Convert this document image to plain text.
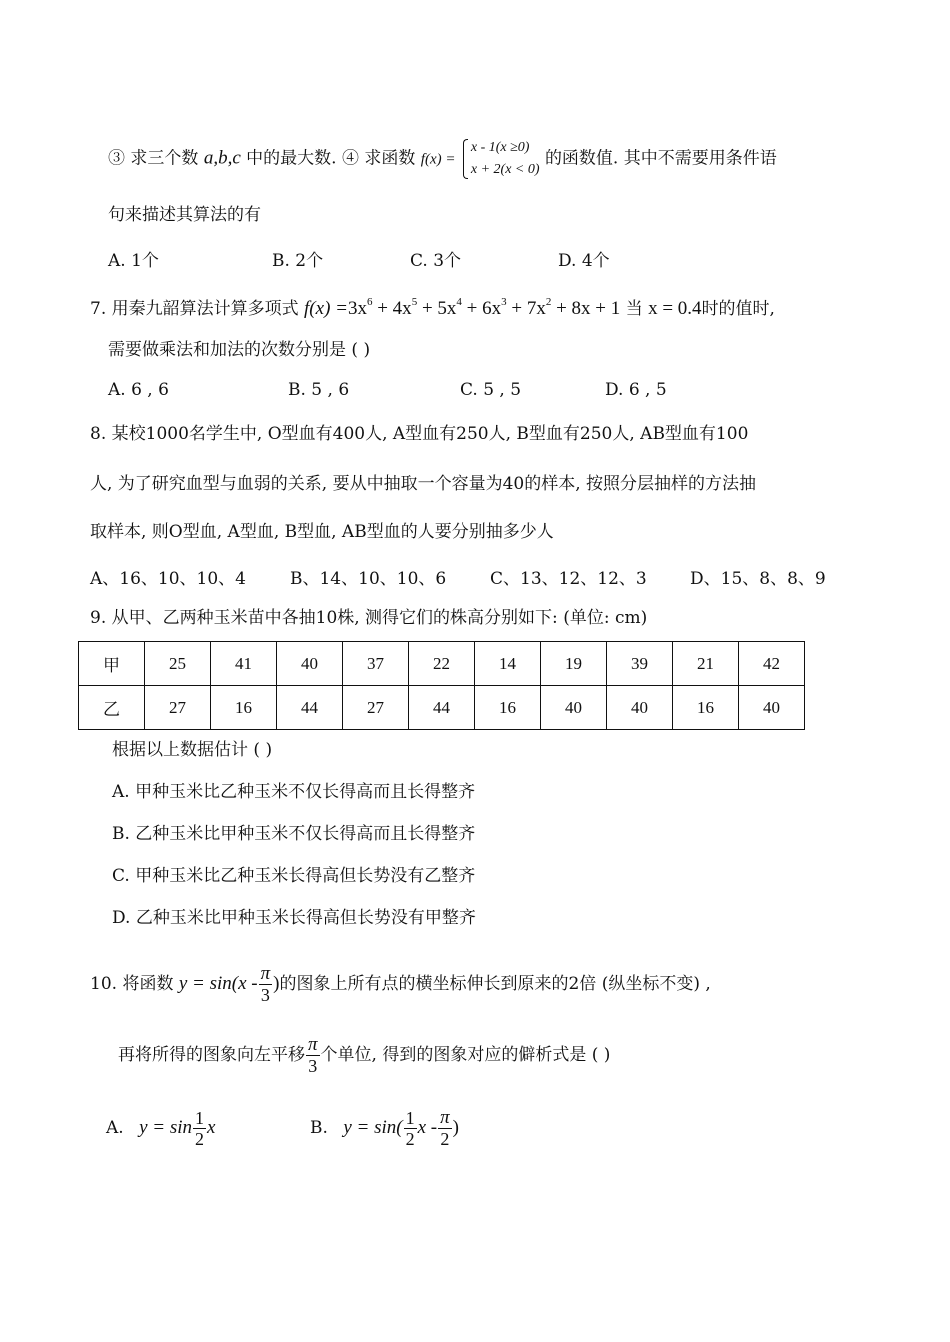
③ 求三个数 a,b,c 中的最大数. ④ 求函数 f(x) =
x - 1(x ≥0)
x + 2(x < 0)
的函数值. 其中不需要用条件语
句来描述其算法的有
A. 1个	B. 2个	C. 3个	D. 4个
7. 用秦九韶算法计算多项式 $f(x) =3x^6 + 4x^5 + 5x^4 + 6x^3 + 7x^2 + 8x + 1$ 当 x = 0.4时的值时,
需要做乘法和加法的次数分别是 ( )
A. 6 , 6	B. 5 , 6	C. 5 , 5	D. 6 , 5
8. 某校1000名学生中, O型血有400人, A型血有250人, B型血有250人, AB型血有100
人, 为了研究血型与血弱的关系, 要从中抽取一个容量为40的样本, 按照分层抽样的方法抽
取样本, 则O型血, A型血, B型血, AB型血的人要分别抽多少人
A、16、10、10、4	B、14、10、10、6	C、13、12、12、3	D、15、8、8、9
9. 从甲、乙两种玉米苗中各抽10株, 测得它们的株高分别如下: (单位: cm)
甲	25	41	40	37	22	14	19	39	21	42
乙	27	16	44	27	44	16	40	40	16	40
根据以上数据估计 ( )
A. 甲种玉米比乙种玉米不仅长得高而且长得整齐
B. 乙种玉米比甲种玉米不仅长得高而且长得整齐
C. 甲种玉米比乙种玉米长得高但长势没有乙整齐
D. 乙种玉米比甲种玉米长得高但长势没有甲整齐
10. 将函数 $y = \sin(x - \frac{\pi}{3}$ )的图象上所有点的横坐标伸长到原来的2倍 (纵坐标不变) ,
再将所得的图象向左平移 $\frac{\pi}{3}$ 个单位, 得到的图象对应的僻析式是 ( )
A. $y = \sin \frac{1}{2}$ x	B. $y = \sin( \frac{1}{2}$ x - $\frac{\pi}{2}$ )
